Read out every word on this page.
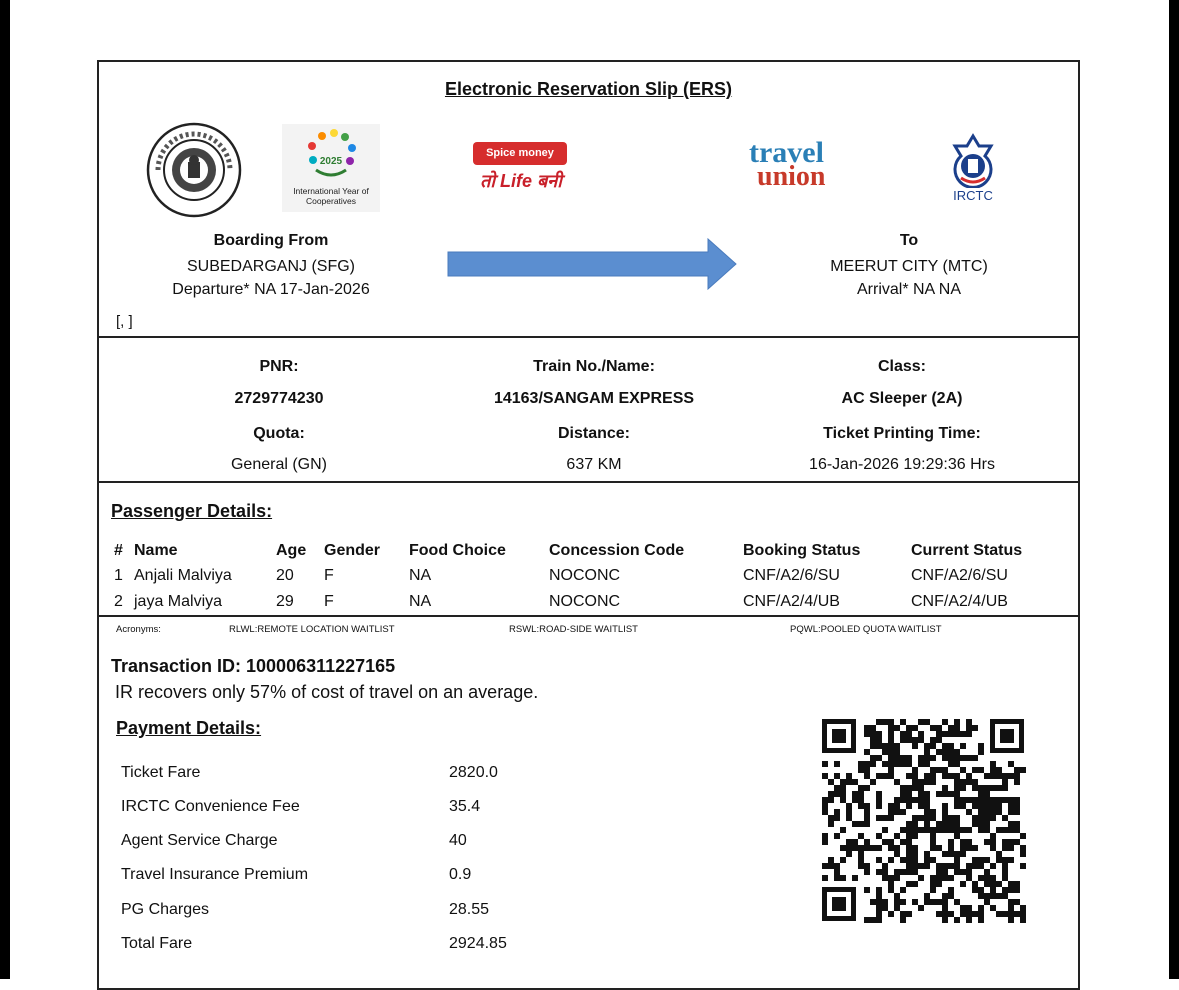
Electronic Reservation Slip (ERS)
2025
International Year of Cooperatives
Spice money
तो Life बनी
travel
union
IRCTC
Boarding From
SUBEDARGANJ (SFG)
Departure* NA 17-Jan-2026
To
MEERUT CITY (MTC)
Arrival* NA NA
[, ]
PNR:
2729774230
Train No./Name:
14163/SANGAM EXPRESS
Class:
AC Sleeper (2A)
Quota:
General (GN)
Distance:
637 KM
Ticket Printing Time:
16-Jan-2026 19:29:36 Hrs
Passenger Details:
#	Name	Age	Gender	Food Choice	Concession Code	Booking Status	Current Status
1	Anjali Malviya	20	F	NA	NOCONC	CNF/A2/6/SU	CNF/A2/6/SU
2	jaya Malviya	29	F	NA	NOCONC	CNF/A2/4/UB	CNF/A2/4/UB
Acronyms:	RLWL:REMOTE LOCATION WAITLIST	RSWL:ROAD-SIDE WAITLIST	PQWL:POOLED QUOTA WAITLIST
Transaction ID: 100006311227165
IR recovers only 57% of cost of travel on an average.
Payment Details:
Ticket Fare	2820.0
IRCTC Convenience Fee	35.4
Agent Service Charge	40
Travel Insurance Premium	0.9
PG Charges	28.55
Total Fare	2924.85
